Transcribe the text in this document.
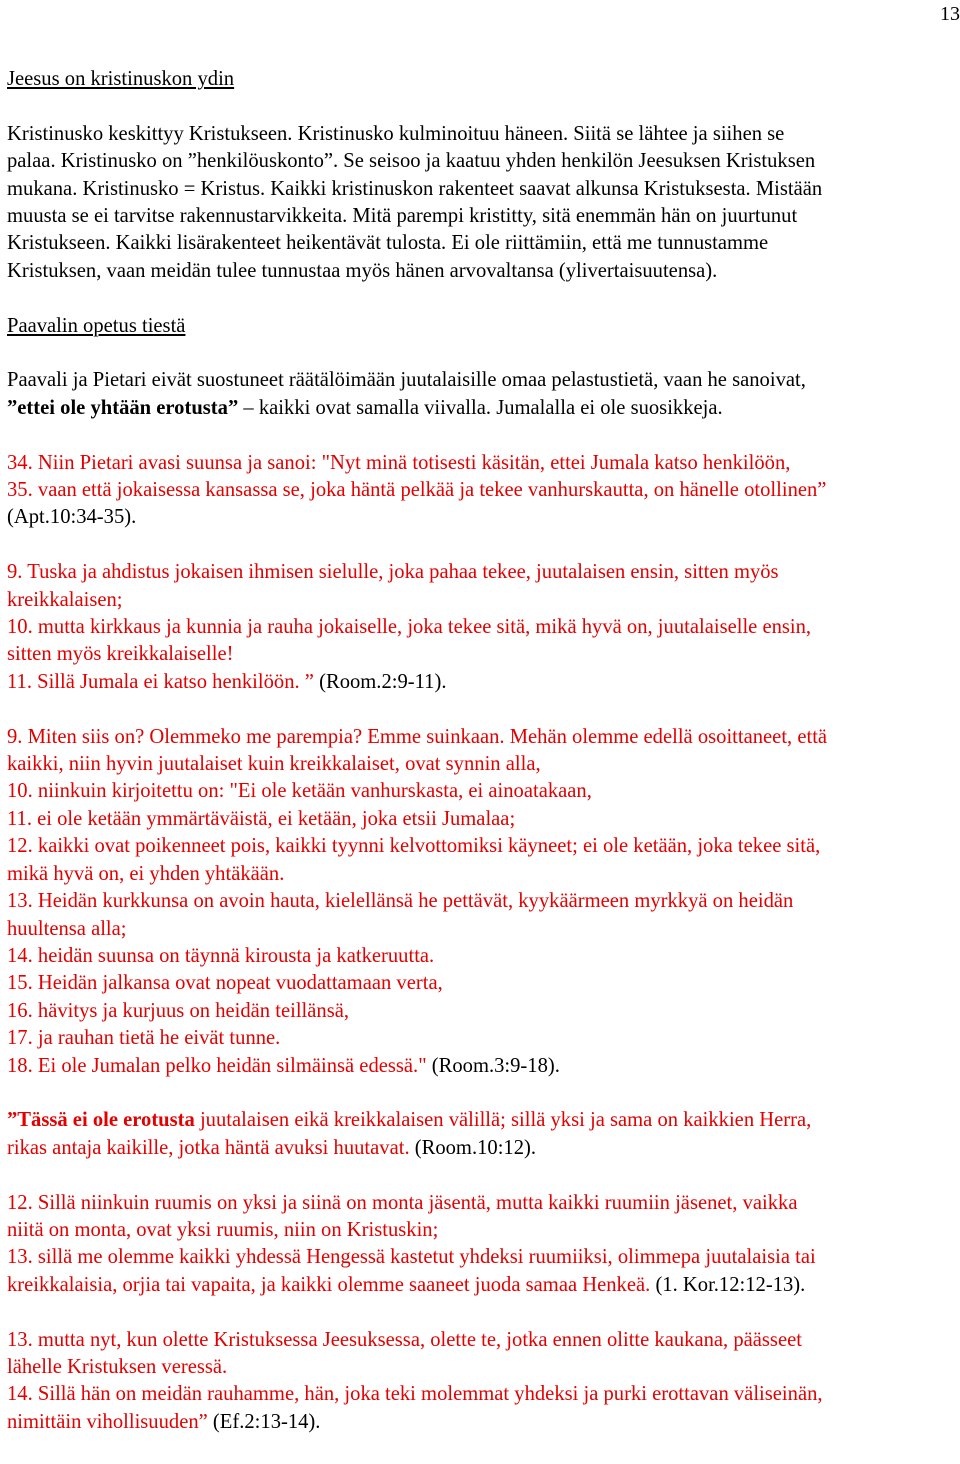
13
Jeesus on kristinuskon ydin
Kristinusko keskittyy Kristukseen. Kristinusko kulminoituu häneen. Siitä se lähtee ja siihen se
palaa. Kristinusko on ”henkilöuskonto”. Se seisoo ja kaatuu yhden henkilön Jeesuksen Kristuksen
mukana. Kristinusko = Kristus. Kaikki kristinuskon rakenteet saavat alkunsa Kristuksesta. Mistään
muusta se ei tarvitse rakennustarvikkeita. Mitä parempi kristitty, sitä enemmän hän on juurtunut
Kristukseen. Kaikki lisärakenteet heikentävät tulosta. Ei ole riittämiin, että me tunnustamme
Kristuksen, vaan meidän tulee tunnustaa myös hänen arvovaltansa (ylivertaisuutensa).
Paavalin opetus tiestä
Paavali ja Pietari eivät suostuneet räätälöimään juutalaisille omaa pelastustietä, vaan he sanoivat,
”ettei ole yhtään erotusta” – kaikki ovat samalla viivalla. Jumalalla ei ole suosikkeja.
34. Niin Pietari avasi suunsa ja sanoi: "Nyt minä totisesti käsitän, ettei Jumala katso henkilöön,
35. vaan että jokaisessa kansassa se, joka häntä pelkää ja tekee vanhurskautta, on hänelle otollinen”
(Apt.10:34-35).
9. Tuska ja ahdistus jokaisen ihmisen sielulle, joka pahaa tekee, juutalaisen ensin, sitten myös
kreikkalaisen;
10. mutta kirkkaus ja kunnia ja rauha jokaiselle, joka tekee sitä, mikä hyvä on, juutalaiselle ensin,
sitten myös kreikkalaiselle!
11. Sillä Jumala ei katso henkilöön. ” (Room.2:9-11).
9. Miten siis on? Olemmeko me parempia? Emme suinkaan. Mehän olemme edellä osoittaneet, että
kaikki, niin hyvin juutalaiset kuin kreikkalaiset, ovat synnin alla,
10. niinkuin kirjoitettu on: "Ei ole ketään vanhurskasta, ei ainoatakaan,
11. ei ole ketään ymmärtäväistä, ei ketään, joka etsii Jumalaa;
12. kaikki ovat poikenneet pois, kaikki tyynni kelvottomiksi käyneet; ei ole ketään, joka tekee sitä,
mikä hyvä on, ei yhden yhtäkään.
13. Heidän kurkkunsa on avoin hauta, kielellänsä he pettävät, kyykäärmeen myrkkyä on heidän
huultensa alla;
14. heidän suunsa on täynnä kirousta ja katkeruutta.
15. Heidän jalkansa ovat nopeat vuodattamaan verta,
16. hävitys ja kurjuus on heidän teillänsä,
17. ja rauhan tietä he eivät tunne.
18. Ei ole Jumalan pelko heidän silmäinsä edessä." (Room.3:9-18).
”Tässä ei ole erotusta juutalaisen eikä kreikkalaisen välillä; sillä yksi ja sama on kaikkien Herra,
rikas antaja kaikille, jotka häntä avuksi huutavat. (Room.10:12).
12. Sillä niinkuin ruumis on yksi ja siinä on monta jäsentä, mutta kaikki ruumiin jäsenet, vaikka
niitä on monta, ovat yksi ruumis, niin on Kristuskin;
13. sillä me olemme kaikki yhdessä Hengessä kastetut yhdeksi ruumiiksi, olimmepa juutalaisia tai
kreikkalaisia, orjia tai vapaita, ja kaikki olemme saaneet juoda samaa Henkeä. (1. Kor.12:12-13).
13. mutta nyt, kun olette Kristuksessa Jeesuksessa, olette te, jotka ennen olitte kaukana, päässeet
lähelle Kristuksen veressä.
14. Sillä hän on meidän rauhamme, hän, joka teki molemmat yhdeksi ja purki erottavan väliseinän,
nimittäin vihollisuuden” (Ef.2:13-14).
